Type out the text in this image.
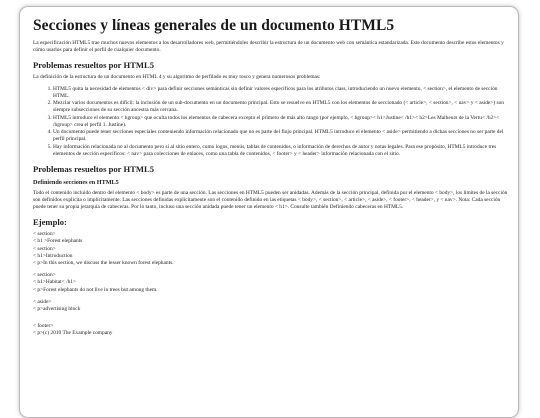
Secciones y líneas generales de un documento HTML5

La especificación HTML5 trae muchos nuevos elementos a los desarrolladores web, permitiéndoles describir la estructura de un documento web con semántica estandarizada. Este documento describe estos elementos y cómo usarlos para definir el perfil de cualquier documento.

Problemas resueltos por HTML5

La definición de la estructura de un documento en HTML 4 y su algoritmo de perfilado es muy tosco y genera numerosos problemas:

1. HTML5 quita la necesidad de elementos < div> para definir secciones semánticas sin definir valores específicos para los atributos class, introduciendo un nuevo elemento, < section>, el elemento de sección HTML.
2. Mezclar varios documentos es difícil: la inclusión de un sub-documento en un documento principal. Esto se resuelve en HTML5 con los elementos de seccionado (< article>, < section>, < nav> y < aside>) son siempre subsecciones de su sección ancestra más cercana.
3. HTML5 introduce el elemento < hgroup> que oculta todos los elementos de cabecera excepto el primero de más alto rango (por ejemplo, < hgroup>< h1>Justine< /h1>< h2>Les Malheurs de la Vertu< /h2>< /hgroup> crea el perfil 1. Justine).
4. Un documento puede tener secciones especiales conteniendo información relacionado que no es parte del flujo principal. HTML5 introduce el elemento < aside> permitiendo a dichas secciones no ser parte del perfil principal.
5. Hay información relacionada no al documento pero sí al sitio entero, como logos, menús, tablas de contenidos, o información de derechos de autor y notas legales. Para ese propósito, HTML5 introduce tres elementos de sección específicos: < nav> para colecciones de enlaces, como una tabla de contenidos, < footer> y < header> información relacionada con el sitio.
Problemas resueltos por HTML5
Definiendo secciones en HTML5

Todo el contenido incluido dentro del elemento < body> es parte de una sección. Las secciones en HTML5 pueden ser anidadas. Además de la sección principal, definida por el elemento < body>, los límites de la sección son definidos explícita o implícitamente. Las secciones definidas explícitamente son el contenido definido en las etiquetas < body>, < section>, < article>, < aside>, < footer>, < header>, y < nav>. Nota: Cada sección puede tener su propia jerarquía de cabeceras. Por lo tanto, incluso una sección anidada puede tener un elemento < h1>. Consulte también Definiendo cabeceras en HTML5.

Ejemplo:
< section>
< h1 >Forest elephants
< section>
< h1>Introduction
< p>In this section, we discuss the lesser known forest elephants.
< section>
< h1>Habitat< /h1>
< p>Forest elephants do not live in trees but among them.
< aside>
< p>advertising block
< footer>
< p>(c) 2010 The Example company
